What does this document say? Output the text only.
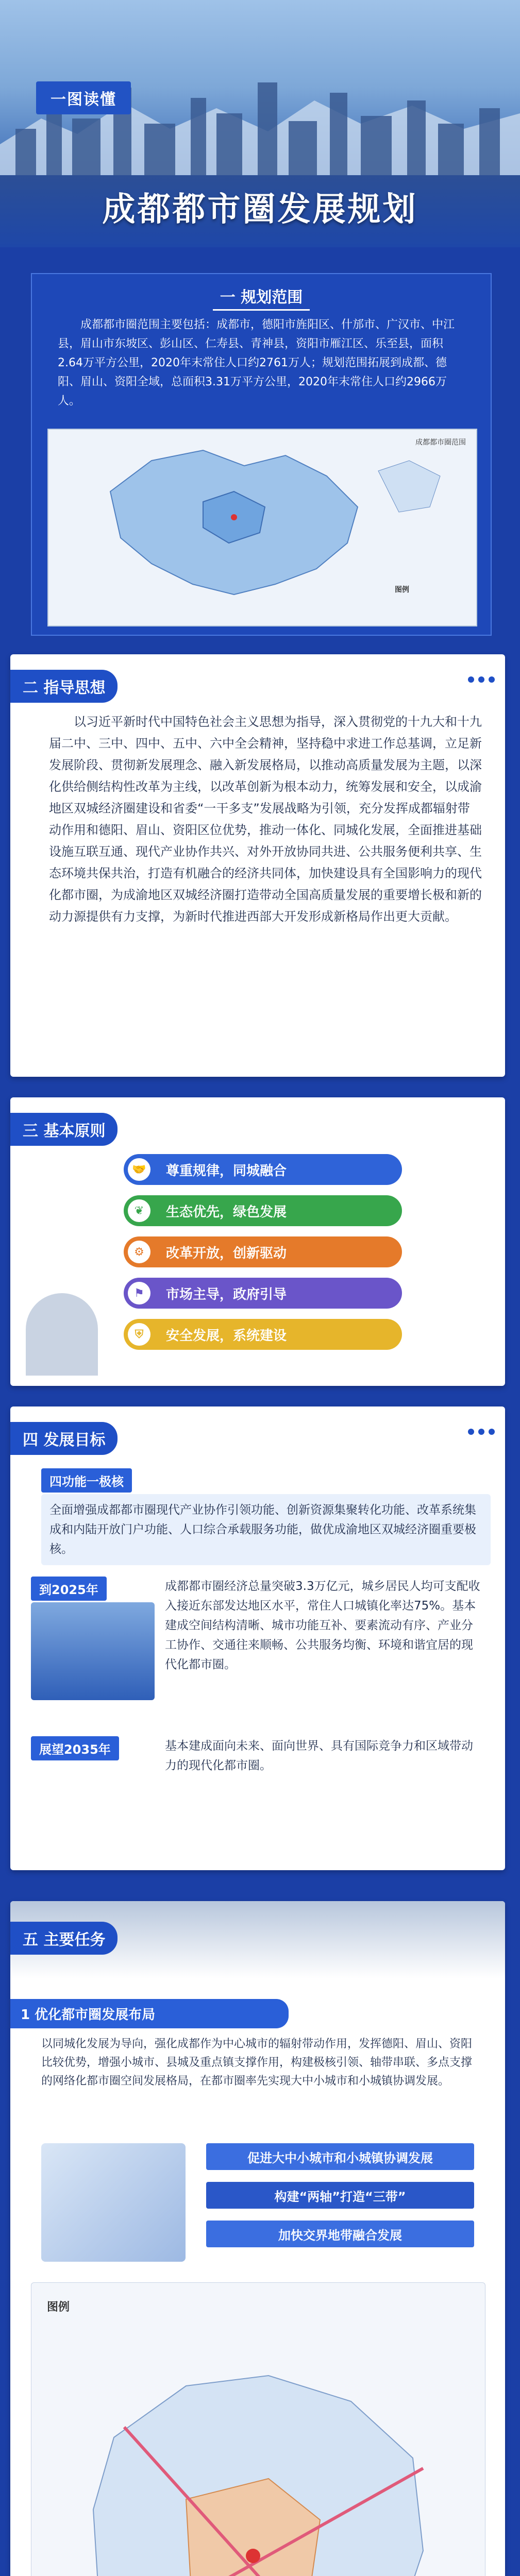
一图读懂
成都都市圈发展规划
一 规划范围
成都都市圈范围主要包括：成都市，德阳市旌阳区、什邡市、广汉市、中江县，眉山市东坡区、彭山区、仁寿县、青神县，资阳市雁江区、乐至县，面积2.64万平方公里，2020年末常住人口约2761万人；规划范围拓展到成都、德阳、眉山、资阳全域，总面积3.31万平方公里，2020年末常住人口约2966万人。
成都都市圈范围
图例
二 指导思想
以习近平新时代中国特色社会主义思想为指导，深入贯彻党的十九大和十九届二中、三中、四中、五中、六中全会精神，坚持稳中求进工作总基调，立足新发展阶段、贯彻新发展理念、融入新发展格局，以推动高质量发展为主题，以深化供给侧结构性改革为主线，以改革创新为根本动力，统筹发展和安全，以成渝地区双城经济圈建设和省委“一干多支”发展战略为引领，充分发挥成都辐射带动作用和德阳、眉山、资阳区位优势，推动一体化、同城化发展，全面推进基础设施互联互通、现代产业协作共兴、对外开放协同共进、公共服务便利共享、生态环境共保共治，打造有机融合的经济共同体，加快建设具有全国影响力的现代化都市圈，为成渝地区双城经济圈打造带动全国高质量发展的重要增长极和新的动力源提供有力支撑，为新时代推进西部大开发形成新格局作出更大贡献。
三 基本原则
🤝	尊重规律，同城融合
❦	生态优先，绿色发展
⚙	改革开放，创新驱动
⚑	市场主导，政府引导
⛨	安全发展，系统建设
四 发展目标
四功能一极核
全面增强成都都市圈现代产业协作引领功能、创新资源集聚转化功能、改革系统集成和内陆开放门户功能、人口综合承载服务功能，做优成渝地区双城经济圈重要极核。
到2025年	成都都市圈经济总量突破3.3万亿元，城乡居民人均可支配收入接近东部发达地区水平，常住人口城镇化率达75%。基本建成空间结构清晰、城市功能互补、要素流动有序、产业分工协作、交通往来顺畅、公共服务均衡、环境和谐宜居的现代化都市圈。
展望2035年	基本建成面向未来、面向世界、具有国际竞争力和区域带动力的现代化都市圈。
五 主要任务
1 优化都市圈发展布局
以同城化发展为导向，强化成都作为中心城市的辐射带动作用，发挥德阳、眉山、资阳比较优势，增强小城市、县城及重点镇支撑作用，构建极核引领、轴带串联、多点支撑的网络化都市圈空间发展格局，在都市圈率先实现大中小城市和小城镇协调发展。
促进大中小城市和小城镇协调发展
构建“两轴”打造“三带”
加快交界地带融合发展
图例
